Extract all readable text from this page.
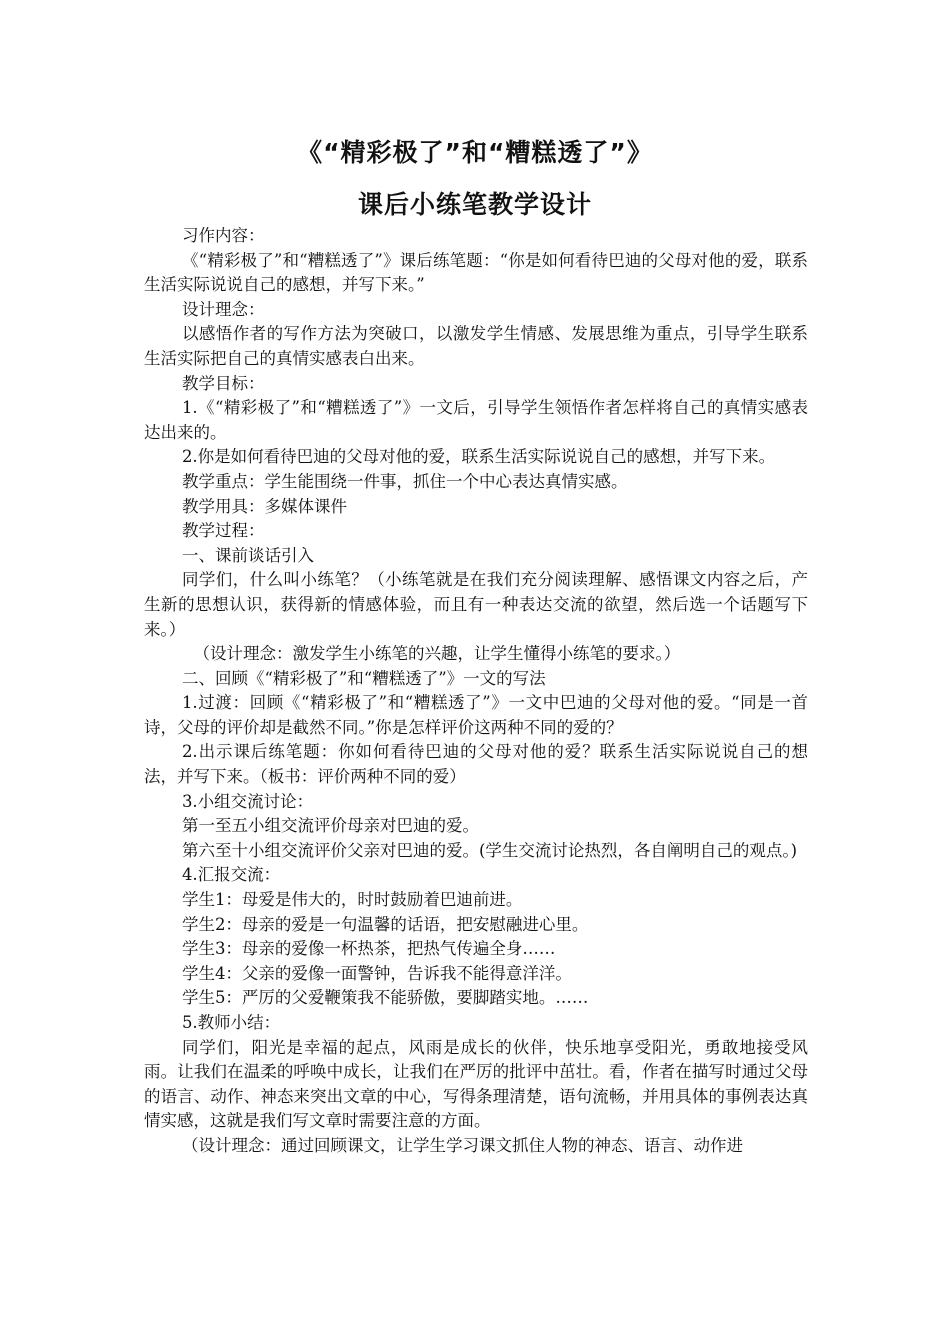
《“精彩极了”和“糟糕透了”》
课后小练笔教学设计

习作内容：

《“精彩极了”和“糟糕透了”》课后练笔题：“你是如何看待巴迪的父母对他的爱，联系生活实际说说自己的感想，并写下来。”

设计理念：

以感悟作者的写作方法为突破口，以激发学生情感、发展思维为重点，引导学生联系生活实际把自己的真情实感表白出来。

教学目标：

1.《“精彩极了”和“糟糕透了”》一文后，引导学生领悟作者怎样将自己的真情实感表达出来的。

2.你是如何看待巴迪的父母对他的爱，联系生活实际说说自己的感想，并写下来。

教学重点：学生能围绕一件事，抓住一个中心表达真情实感。

教学用具：多媒体课件

教学过程：

一、课前谈话引入

同学们，什么叫小练笔？（小练笔就是在我们充分阅读理解、感悟课文内容之后，产生新的思想认识，获得新的情感体验，而且有一种表达交流的欲望，然后选一个话题写下来。）

（设计理念：激发学生小练笔的兴趣，让学生懂得小练笔的要求。）

二、回顾《“精彩极了”和“糟糕透了”》一文的写法

1.过渡：回顾《“精彩极了”和“糟糕透了”》一文中巴迪的父母对他的爱。“同是一首诗，父母的评价却是截然不同。”你是怎样评价这两种不同的爱的？

2.出示课后练笔题：你如何看待巴迪的父母对他的爱？联系生活实际说说自己的想法，并写下来。（板书：评价两种不同的爱）

3.小组交流讨论：

第一至五小组交流评价母亲对巴迪的爱。

第六至十小组交流评价父亲对巴迪的爱。(学生交流讨论热烈，各自阐明自己的观点。)

4.汇报交流：

学生1：母爱是伟大的，时时鼓励着巴迪前进。

学生2：母亲的爱是一句温馨的话语，把安慰融进心里。

学生3：母亲的爱像一杯热茶，把热气传遍全身……

学生4：父亲的爱像一面警钟，告诉我不能得意洋洋。

学生5：严厉的父爱鞭策我不能骄傲，要脚踏实地。……

5.教师小结：

同学们，阳光是幸福的起点，风雨是成长的伙伴，快乐地享受阳光，勇敢地接受风雨。让我们在温柔的呼唤中成长，让我们在严厉的批评中茁壮。看，作者在描写时通过父母的语言、动作、神态来突出文章的中心，写得条理清楚，语句流畅，并用具体的事例表达真情实感，这就是我们写文章时需要注意的方面。

（设计理念：通过回顾课文，让学生学习课文抓住人物的神态、语言、动作进
